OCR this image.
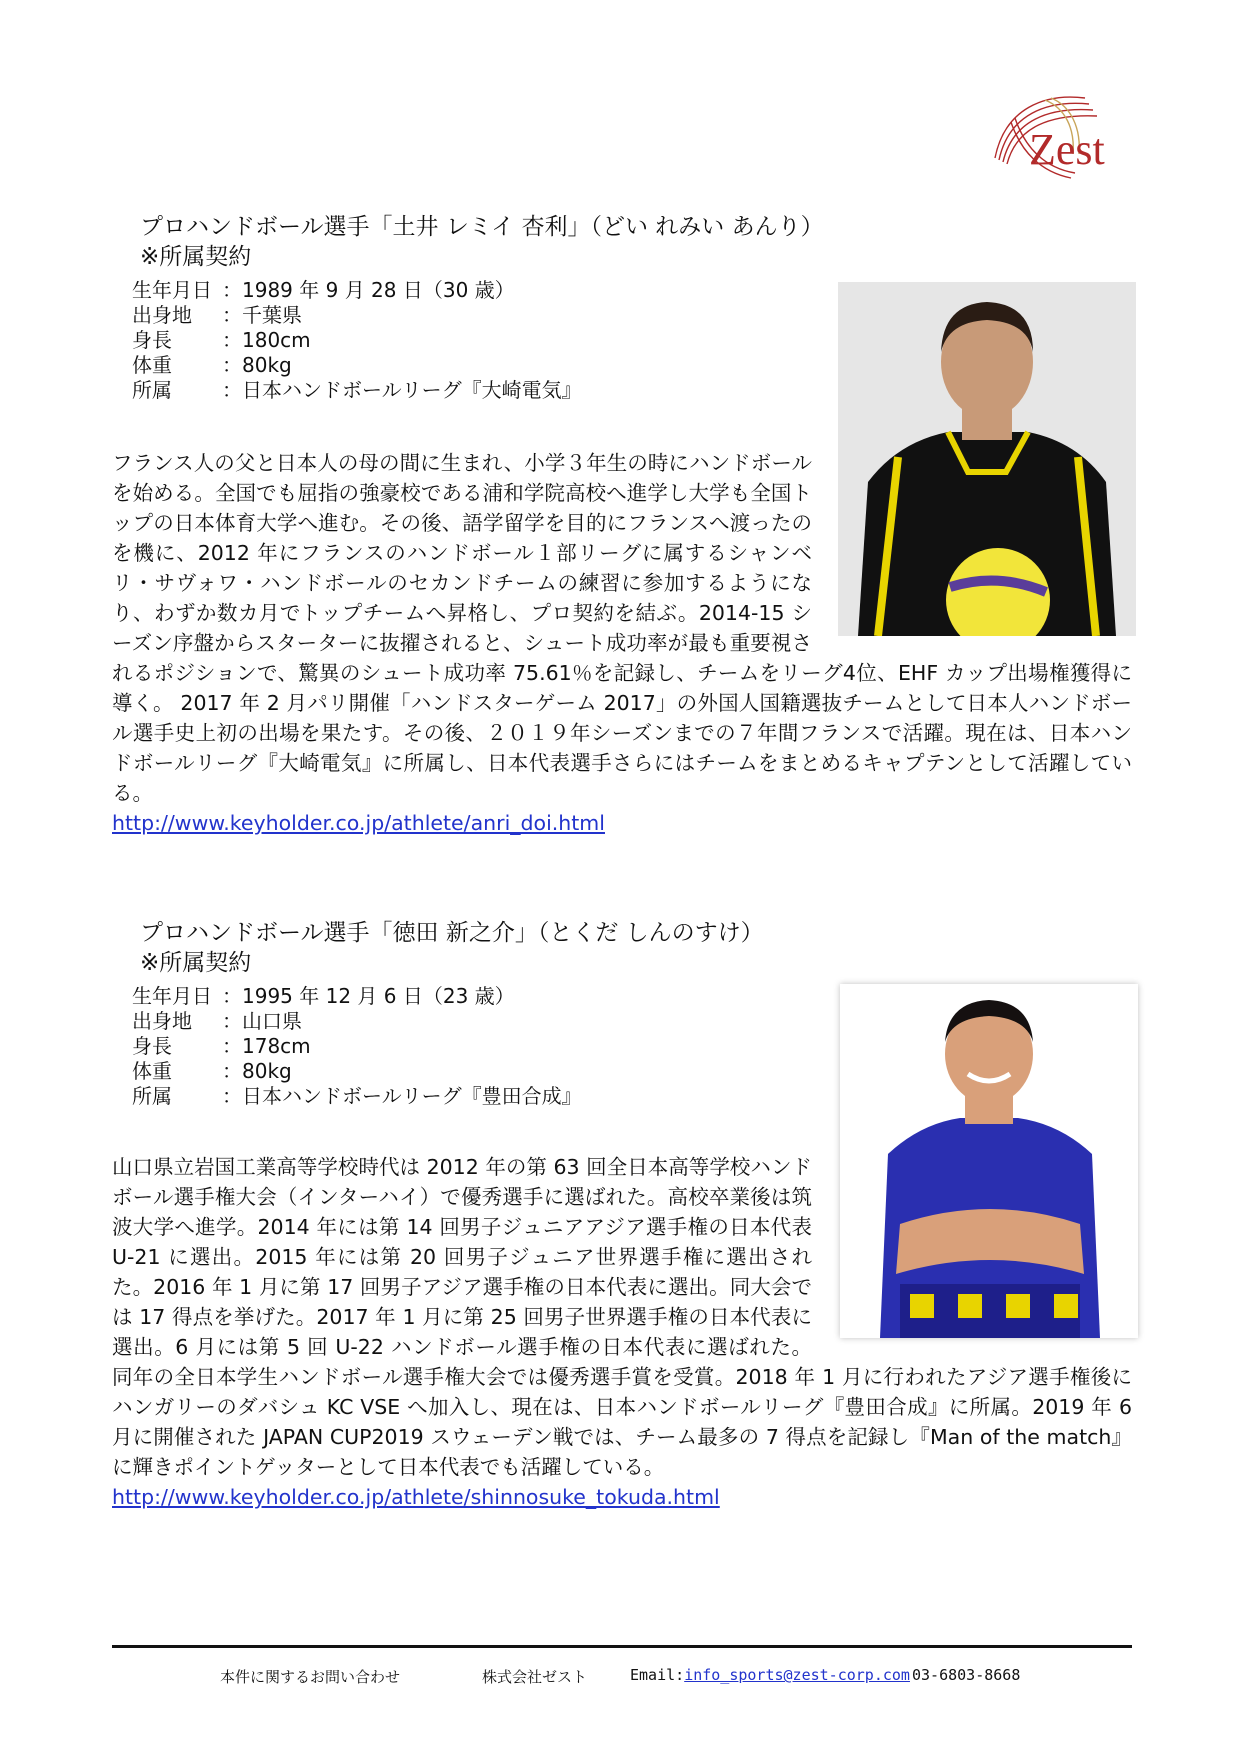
Zest
プロハンドボール選手「土井 レミイ 杏利」（どい れみい あんり）
※所属契約
生年月日 ：1989 年 9 月 28 日（30 歳）
出身地	：千葉県
身長	：180cm
体重	：80kg
所属	：日本ハンドボールリーグ『大崎電気』
フランス人の父と日本人の母の間に生まれ、小学３年生の時にハンドボールを始める。全国でも屈指の強豪校である浦和学院高校へ進学し大学も全国トップの日本体育大学へ進む。その後、語学留学を目的にフランスへ渡ったのを機に、2012 年にフランスのハンドボール１部リーグに属するシャンベリ・サヴォワ・ハンドボールのセカンドチームの練習に参加するようになり、わずか数カ月でトップチームへ昇格し、プロ契約を結ぶ。2014-15 シーズン序盤からスターターに抜擢されると、シュート成功率が最も重要視されるポジションで、驚異のシュート成功率 75.61％を記録し、チームをリーグ4位、EHF カップ出場権獲得に導く。 2017 年 2 月パリ開催「ハンドスターゲーム 2017」の外国人国籍選抜チームとして日本人ハンドボール選手史上初の出場を果たす。その後、２０１９年シーズンまでの７年間フランスで活躍。現在は、日本ハンドボールリーグ『大崎電気』に所属し、日本代表選手さらにはチームをまとめるキャプテンとして活躍している。
http://www.keyholder.co.jp/athlete/anri_doi.html
プロハンドボール選手「徳田 新之介」（とくだ しんのすけ）
※所属契約
生年月日 ：1995 年 12 月 6 日（23 歳）
出身地	：山口県
身長	：178cm
体重	：80kg
所属	：日本ハンドボールリーグ『豊田合成』
山口県立岩国工業高等学校時代は 2012 年の第 63 回全日本高等学校ハンドボール選手権大会（インターハイ）で優秀選手に選ばれた。高校卒業後は筑波大学へ進学。2014 年には第 14 回男子ジュニアアジア選手権の日本代表 U-21 に選出。2015 年には第 20 回男子ジュニア世界選手権に選出された。2016 年 1 月に第 17 回男子アジア選手権の日本代表に選出。同大会では 17 得点を挙げた。2017 年 1 月に第 25 回男子世界選手権の日本代表に選出。6 月には第 5 回 U-22 ハンドボール選手権の日本代表に選ばれた。同年の全日本学生ハンドボール選手権大会では優秀選手賞を受賞。2018 年 1 月に行われたアジア選手権後にハンガリーのダバシュ KC VSE へ加入し、現在は、日本ハンドボールリーグ『豊田合成』に所属。2019 年 6 月に開催された JAPAN CUP2019 スウェーデン戦では、チーム最多の 7 得点を記録し『Man of the match』に輝きポイントゲッターとして日本代表でも活躍している。
http://www.keyholder.co.jp/athlete/shinnosuke_tokuda.html
本件に関するお問い合わせ	株式会社ゼスト	Email:info_sports@zest-corp.com 03-6803-8668
